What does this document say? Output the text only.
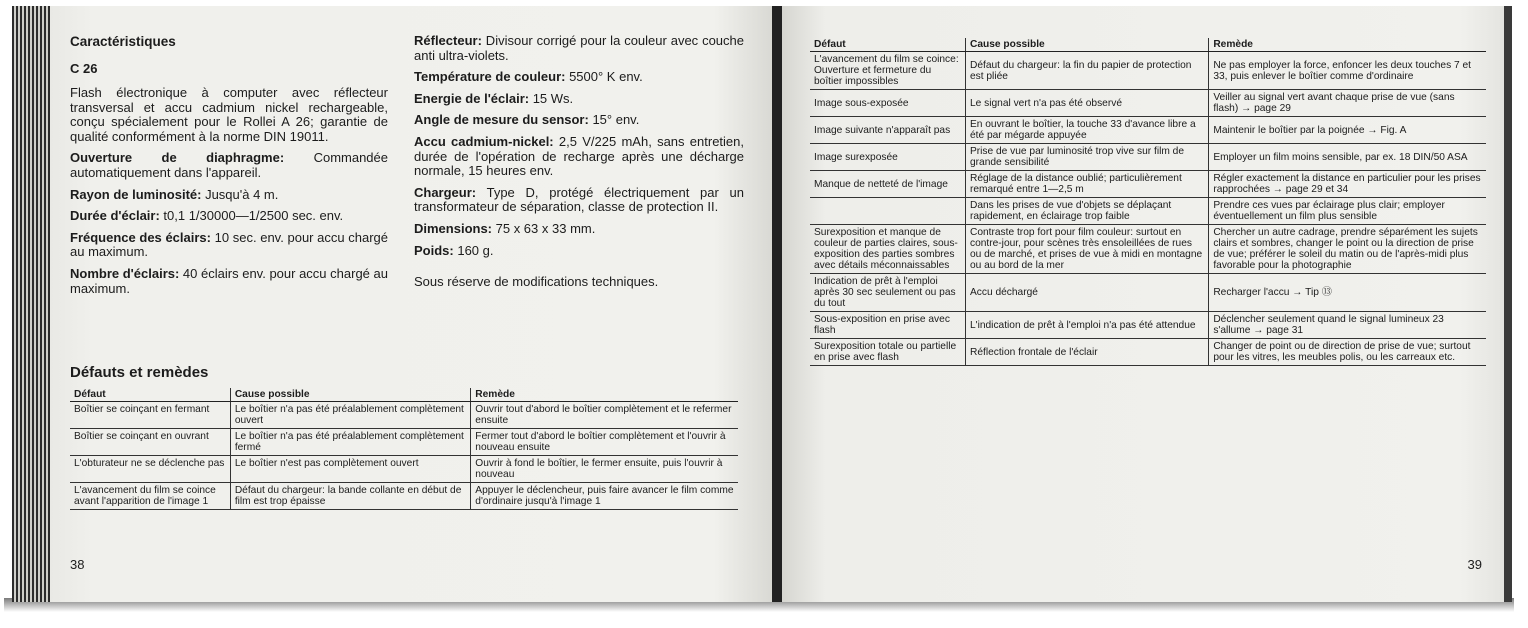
Caractéristiques
C 26

Flash électronique à computer avec réflecteur transversal et accu cadmium nickel rechargeable, conçu spécialement pour le Rollei A 26; garantie de qualité conformément à la norme DIN 19011.

Ouverture de diaphragme: Commandée automatiquement dans l'appareil.

Rayon de luminosité: Jusqu'à 4 m.

Durée d'éclair: t0,1 1/30000—1/2500 sec. env.

Fréquence des éclairs: 10 sec. env. pour accu chargé au maximum.

Nombre d'éclairs: 40 éclairs env. pour accu chargé au maximum.

Réflecteur: Divisour corrigé pour la couleur avec couche anti ultra-violets.

Température de couleur: 5500° K env.

Energie de l'éclair: 15 Ws.

Angle de mesure du sensor: 15° env.

Accu cadmium-nickel: 2,5 V/225 mAh, sans entretien, durée de l'opération de recharge après une décharge normale, 15 heures env.

Chargeur: Type D, protégé électriquement par un transformateur de séparation, classe de protection II.

Dimensions: 75 x 63 x 33 mm.

Poids: 160 g.

Sous réserve de modifications techniques.
Défauts et remèdes
Défaut	Cause possible	Remède
Boîtier se coinçant en fermant	Le boîtier n'a pas été préalablement complètement ouvert	Ouvrir tout d'abord le boîtier complètement et le refermer ensuite
Boîtier se coinçant en ouvrant	Le boîtier n'a pas été préalablement complètement fermé	Fermer tout d'abord le boîtier complètement et l'ouvrir à nouveau ensuite
L'obturateur ne se déclenche pas	Le boîtier n'est pas complètement ouvert	Ouvrir à fond le boîtier, le fermer ensuite, puis l'ouvrir à nouveau
L'avancement du film se coince avant l'apparition de l'image 1	Défaut du chargeur: la bande collante en début de film est trop épaisse	Appuyer le déclencheur, puis faire avancer le film comme d'ordinaire jusqu'à l'image 1
38
Défaut	Cause possible	Remède
L'avancement du film se coince: Ouverture et fermeture du boîtier impossibles	Défaut du chargeur: la fin du papier de protection est pliée	Ne pas employer la force, enfoncer les deux touches 7 et 33, puis enlever le boîtier comme d'ordinaire
Image sous-exposée	Le signal vert n'a pas été observé	Veiller au signal vert avant chaque prise de vue (sans flash) → page 29
Image suivante n'apparaît pas	En ouvrant le boîtier, la touche 33 d'avance libre a été par mégarde appuyée	Maintenir le boîtier par la poignée → Fig. A
Image surexposée	Prise de vue par luminosité trop vive sur film de grande sensibilité	Employer un film moins sensible, par ex. 18 DIN/50 ASA
Manque de netteté de l'image	Réglage de la distance oublié; particulièrement remarqué entre 1—2,5 m	Régler exactement la distance en particulier pour les prises rapprochées → page 29 et 34
	Dans les prises de vue d'objets se déplaçant rapidement, en éclairage trop faible	Prendre ces vues par éclairage plus clair; employer éventuellement un film plus sensible
Surexposition et manque de couleur de parties claires, sous-exposition des parties sombres avec détails méconnaissables	Contraste trop fort pour film couleur: surtout en contre-jour, pour scènes très ensoleillées de rues ou de marché, et prises de vue à midi en montagne ou au bord de la mer	Chercher un autre cadrage, prendre séparément les sujets clairs et sombres, changer le point ou la direction de prise de vue; préférer le soleil du matin ou de l'après-midi plus favorable pour la photographie
Indication de prêt à l'emploi après 30 sec seulement ou pas du tout	Accu déchargé	Recharger l'accu → Tip ⑬
Sous-exposition en prise avec flash	L'indication de prêt à l'emploi n'a pas été attendue	Déclencher seulement quand le signal lumineux 23 s'allume → page 31
Surexposition totale ou partielle en prise avec flash	Réflection frontale de l'éclair	Changer de point ou de direction de prise de vue; surtout pour les vitres, les meubles polis, ou les carreaux etc.
39
